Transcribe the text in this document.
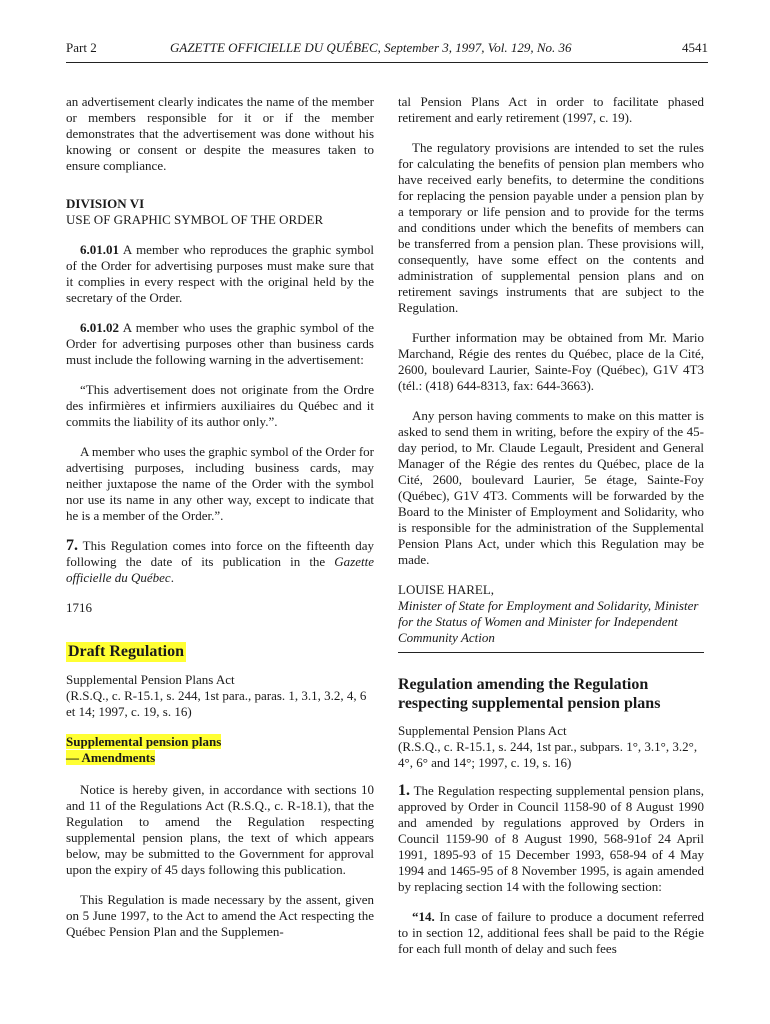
Part 2	GAZETTE OFFICIELLE DU QUÉBEC, September 3, 1997, Vol. 129, No. 36	4541

an advertisement clearly indicates the name of the member or members responsible for it or if the member demonstrates that the advertisement was done without his knowing or consent or despite the measures taken to ensure compliance.

DIVISION VI

USE OF GRAPHIC SYMBOL OF THE ORDER

6.01.01 A member who reproduces the graphic symbol of the Order for advertising purposes must make sure that it complies in every respect with the original held by the secretary of the Order.

6.01.02 A member who uses the graphic symbol of the Order for advertising purposes other than business cards must include the following warning in the advertisement:

“This advertisement does not originate from the Ordre des infirmières et infirmiers auxiliaires du Québec and it commits the liability of its author only.”.

A member who uses the graphic symbol of the Order for advertising purposes, including business cards, may neither juxtapose the name of the Order with the symbol nor use its name in any other way, except to indicate that he is a member of the Order.”.

7. This Regulation comes into force on the fifteenth day following the date of its publication in the Gazette officielle du Québec.

1716

Draft Regulation

Supplemental Pension Plans Act

(R.S.Q., c. R-15.1, s. 244, 1st para., paras. 1, 3.1, 3.2, 4, 6 et 14; 1997, c. 19, s. 16)

Supplemental pension plans
— Amendments

Notice is hereby given, in accordance with sections 10 and 11 of the Regulations Act (R.S.Q., c. R-18.1), that the Regulation to amend the Regulation respecting supplemental pension plans, the text of which appears below, may be submitted to the Government for approval upon the expiry of 45 days following this publication.

This Regulation is made necessary by the assent, given on 5 June 1997, to the Act to amend the Act respecting the Québec Pension Plan and the Supplemen-

tal Pension Plans Act in order to facilitate phased retirement and early retirement (1997, c. 19).

The regulatory provisions are intended to set the rules for calculating the benefits of pension plan members who have received early benefits, to determine the conditions for replacing the pension payable under a pension plan by a temporary or life pension and to provide for the terms and conditions under which the benefits of members can be transferred from a pension plan. These provisions will, consequently, have some effect on the contents and administration of supplemental pension plans and on retirement savings instruments that are subject to the Regulation.

Further information may be obtained from Mr. Mario Marchand, Régie des rentes du Québec, place de la Cité, 2600, boulevard Laurier, Sainte-Foy (Québec), G1V 4T3 (tél.: (418) 644-8313, fax: 644-3663).

Any person having comments to make on this matter is asked to send them in writing, before the expiry of the 45-day period, to Mr. Claude Legault, President and General Manager of the Régie des rentes du Québec, place de la Cité, 2600, boulevard Laurier, 5e étage, Sainte-Foy (Québec), G1V 4T3. Comments will be forwarded by the Board to the Minister of Employment and Solidarity, who is responsible for the administration of the Supplemental Pension Plans Act, under which this Regulation may be made.

LOUISE HAREL,

Minister of State for Employment and Solidarity, Minister for the Status of Women and Minister for Independent Community Action

Regulation amending the Regulation respecting supplemental pension plans

Supplemental Pension Plans Act

(R.S.Q., c. R-15.1, s. 244, 1st par., subpars. 1°, 3.1°, 3.2°, 4°, 6° and 14°; 1997, c. 19, s. 16)

1. The Regulation respecting supplemental pension plans, approved by Order in Council 1158-90 of 8 August 1990 and amended by regulations approved by Orders in Council 1159-90 of 8 August 1990, 568-91of 24 April 1991, 1895-93 of 15 December 1993, 658-94 of 4 May 1994 and 1465-95 of 8 November 1995, is again amended by replacing section 14 with the following section:

“14. In case of failure to produce a document referred to in section 12, additional fees shall be paid to the Régie for each full month of delay and such fees
